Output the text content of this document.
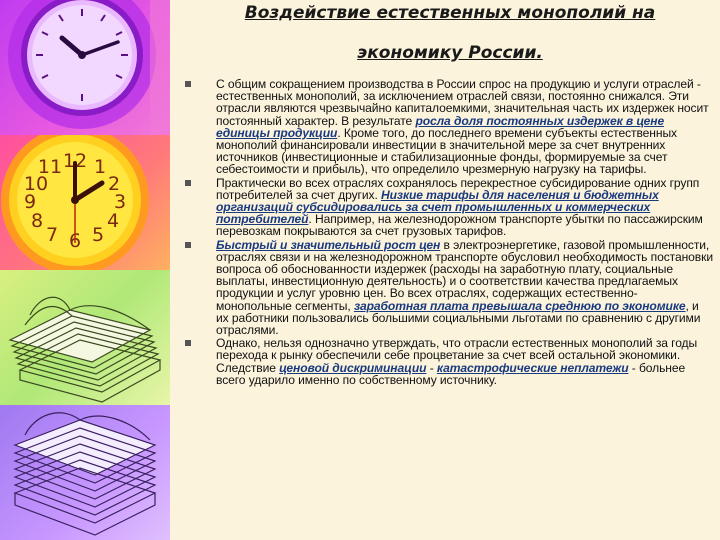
12
11 1
10	2
9	3
8	4
7 5
6
Воздействие естественных монополий на
экономику России.
С общим сокращением производства в России спрос на продукцию и услуги отраслей - естественных монополий, за исключением отраслей связи, постоянно снижался. Эти отрасли являются чрезвычайно капиталоемкими, значительная часть их издержек носит постоянный характер. В результате росла доля постоянных издержек в цене единицы продукции. Кроме того, до последнего времени субъекты естественных монополий финансировали инвестиции в значительной мере за счет внутренних источников (инвестиционные и стабилизационные фонды, формируемые за счет себестоимости и прибыль), что определило чрезмерную нагрузку на тарифы.
Практически во всех отраслях сохранялось перекрестное субсидирование одних групп потребителей за счет других. Низкие тарифы для населения и бюджетных организаций субсидировались за счет промышленных и коммерческих потребителей. Например, на железнодорожном транспорте убытки по пассажирским перевозкам покрываются за счет грузовых тарифов.
Быстрый и значительный рост цен в электроэнергетике, газовой промышленности, отраслях связи и на железнодорожном транспорте обусловил необходимость постановки вопроса об обоснованности издержек (расходы на заработную плату, социальные выплаты, инвестиционную деятельность) и о соответствии качества предлагаемых продукции и услуг уровню цен. Во всех отраслях, содержащих естественно-монопольные сегменты, заработная плата превышала среднюю по экономике, и их работники пользовались большими социальными льготами по сравнению с другими отраслями.
Однако, нельзя однозначно утверждать, что отрасли естественных монополий за годы перехода к рынку обеспечили себе процветание за счет всей остальной экономики. Следствие ценовой дискриминации - катастрофические неплатежи - больнее всего ударило именно по собственному источнику.
